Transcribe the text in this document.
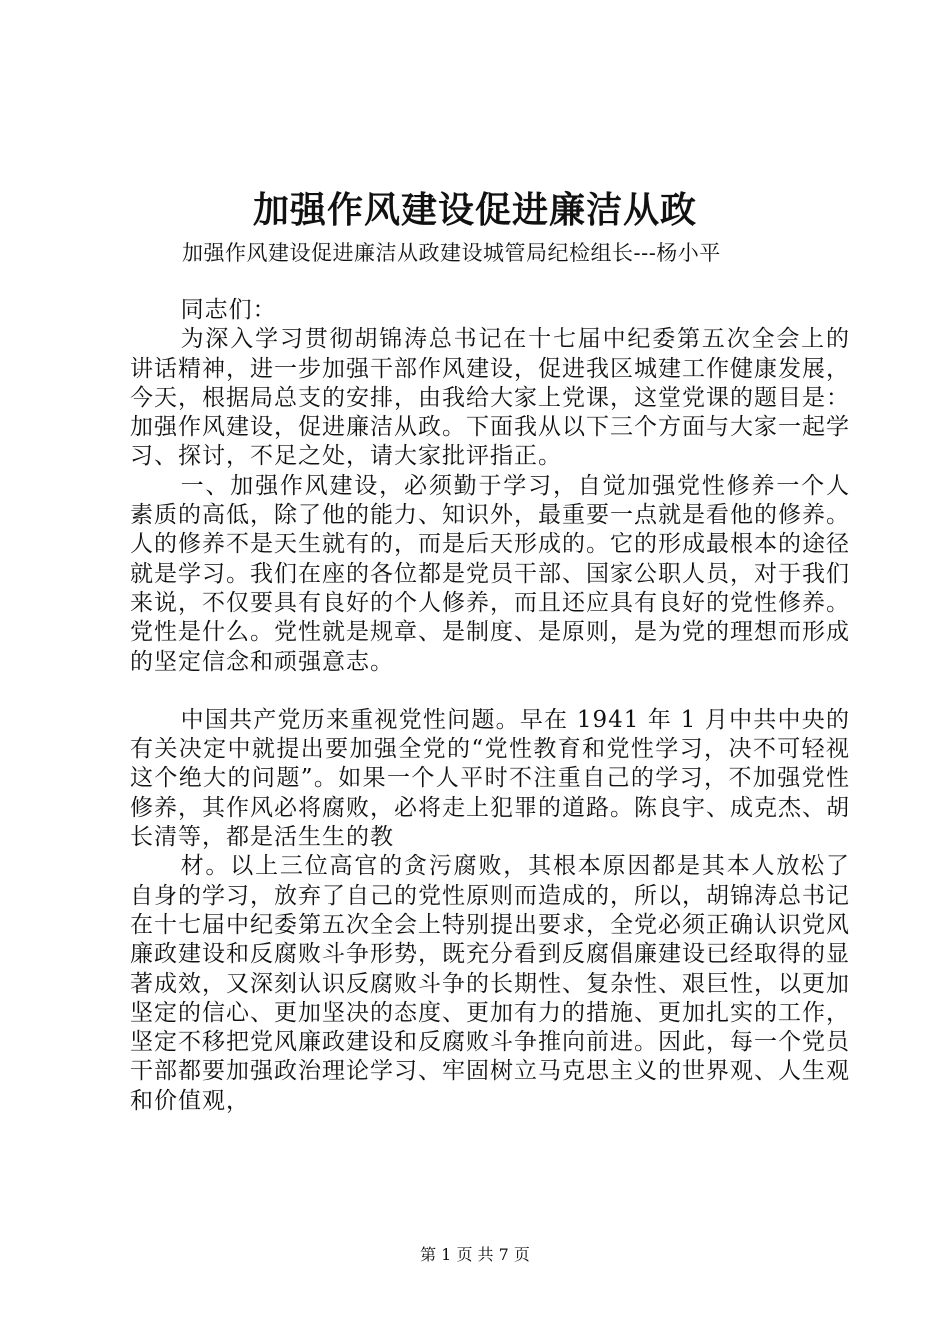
加强作风建设促进廉洁从政
加强作风建设促进廉洁从政建设城管局纪检组长---杨小平

同志们：

为深入学习贯彻胡锦涛总书记在十七届中纪委第五次全会上的讲话精神，进一步加强干部作风建设，促进我区城建工作健康发展，今天，根据局总支的安排，由我给大家上党课，这堂党课的题目是：加强作风建设，促进廉洁从政。下面我从以下三个方面与大家一起学习、探讨，不足之处，请大家批评指正。

一、加强作风建设，必须勤于学习，自觉加强党性修养一个人素质的高低，除了他的能力、知识外，最重要一点就是看他的修养。人的修养不是天生就有的，而是后天形成的。它的形成最根本的途径就是学习。我们在座的各位都是党员干部、国家公职人员，对于我们来说，不仅要具有良好的个人修养，而且还应具有良好的党性修养。党性是什么。党性就是规章、是制度、是原则，是为党的理想而形成的坚定信念和顽强意志。

中国共产党历来重视党性问题。早在 1941 年 1 月中共中央的有关决定中就提出要加强全党的“党性教育和党性学习，决不可轻视这个绝大的问题”。如果一个人平时不注重自己的学习，不加强党性修养，其作风必将腐败，必将走上犯罪的道路。陈良宇、成克杰、胡长清等，都是活生生的教

材。以上三位高官的贪污腐败，其根本原因都是其本人放松了自身的学习，放弃了自己的党性原则而造成的，所以，胡锦涛总书记在十七届中纪委第五次全会上特别提出要求，全党必须正确认识党风廉政建设和反腐败斗争形势，既充分看到反腐倡廉建设已经取得的显著成效，又深刻认识反腐败斗争的长期性、复杂性、艰巨性，以更加坚定的信心、更加坚决的态度、更加有力的措施、更加扎实的工作，坚定不移把党风廉政建设和反腐败斗争推向前进。因此，每一个党员干部都要加强政治理论学习、牢固树立马克思主义的世界观、人生观和价值观，

第 1 页 共 7 页
